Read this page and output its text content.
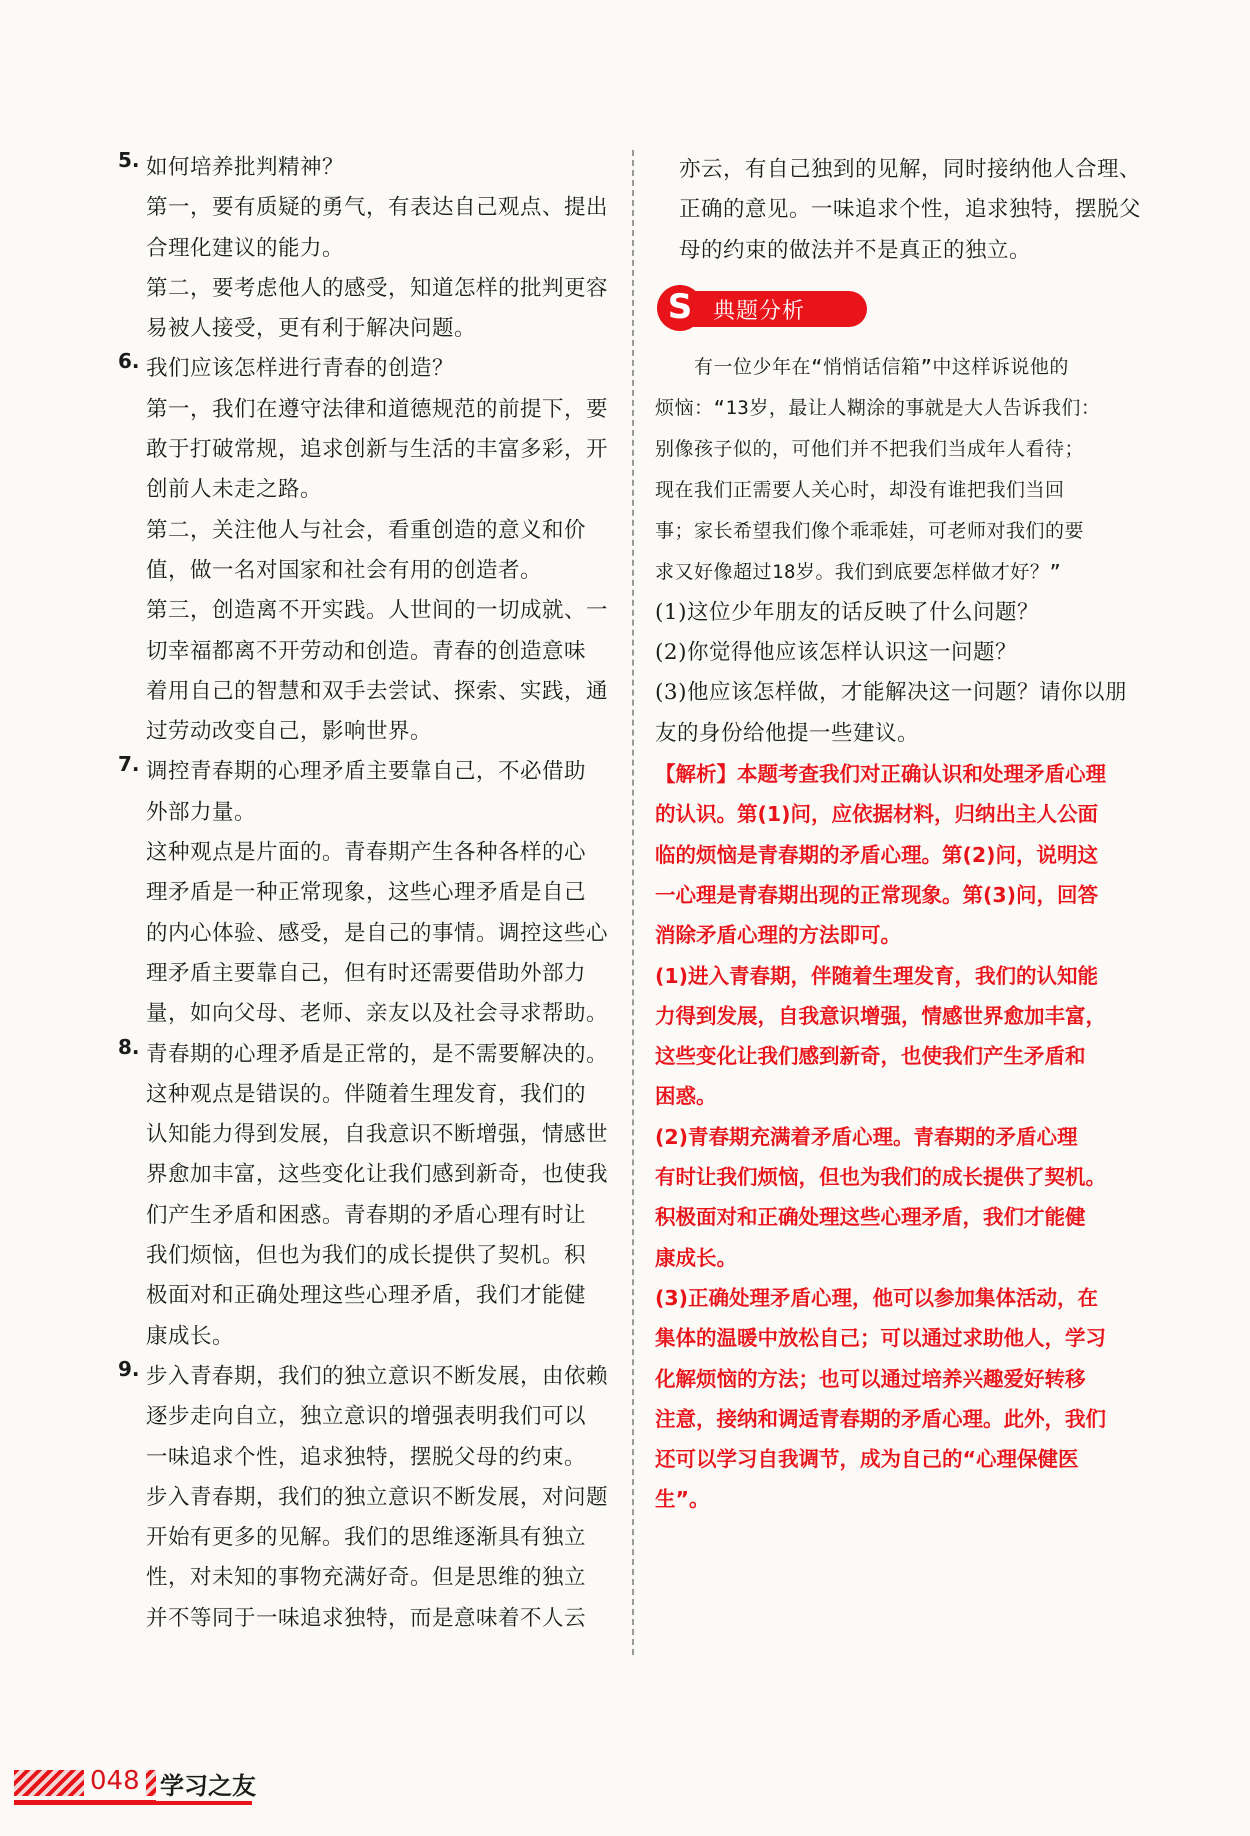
5. 如何培养批判精神？
第一，要有质疑的勇气，有表达自己观点、提出
合理化建议的能力。
第二，要考虑他人的感受，知道怎样的批判更容
易被人接受，更有利于解决问题。
6. 我们应该怎样进行青春的创造？
第一，我们在遵守法律和道德规范的前提下，要
敢于打破常规，追求创新与生活的丰富多彩，开
创前人未走之路。
第二，关注他人与社会，看重创造的意义和价
值，做一名对国家和社会有用的创造者。
第三，创造离不开实践。人世间的一切成就、一
切幸福都离不开劳动和创造。青春的创造意味
着用自己的智慧和双手去尝试、探索、实践，通
过劳动改变自己，影响世界。
7. 调控青春期的心理矛盾主要靠自己，不必借助
外部力量。
这种观点是片面的。青春期产生各种各样的心
理矛盾是一种正常现象，这些心理矛盾是自己
的内心体验、感受，是自己的事情。调控这些心
理矛盾主要靠自己，但有时还需要借助外部力
量，如向父母、老师、亲友以及社会寻求帮助。
8. 青春期的心理矛盾是正常的，是不需要解决的。
这种观点是错误的。伴随着生理发育，我们的
认知能力得到发展，自我意识不断增强，情感世
界愈加丰富，这些变化让我们感到新奇，也使我
们产生矛盾和困惑。青春期的矛盾心理有时让
我们烦恼，但也为我们的成长提供了契机。积
极面对和正确处理这些心理矛盾，我们才能健
康成长。
9. 步入青春期，我们的独立意识不断发展，由依赖
逐步走向自立，独立意识的增强表明我们可以
一味追求个性，追求独特，摆脱父母的约束。
步入青春期，我们的独立意识不断发展，对问题
开始有更多的见解。我们的思维逐渐具有独立
性，对未知的事物充满好奇。但是思维的独立
并不等同于一味追求独特，而是意味着不人云
亦云，有自己独到的见解，同时接纳他人合理、
正确的意见。一味追求个性，追求独特，摆脱父
母的约束的做法并不是真正的独立。
S 典题分析
　　有一位少年在“悄悄话信箱”中这样诉说他的
烦恼：“13岁，最让人糊涂的事就是大人告诉我们：
别像孩子似的，可他们并不把我们当成年人看待；
现在我们正需要人关心时，却没有谁把我们当回
事；家长希望我们像个乖乖娃，可老师对我们的要
求又好像超过18岁。我们到底要怎样做才好？”
(1)这位少年朋友的话反映了什么问题？
(2)你觉得他应该怎样认识这一问题？
(3)他应该怎样做，才能解决这一问题？请你以朋
友的身份给他提一些建议。
【解析】本题考查我们对正确认识和处理矛盾心理
的认识。第(1)问，应依据材料，归纳出主人公面
临的烦恼是青春期的矛盾心理。第(2)问，说明这
一心理是青春期出现的正常现象。第(3)问，回答
消除矛盾心理的方法即可。
(1)进入青春期，伴随着生理发育，我们的认知能
力得到发展，自我意识增强，情感世界愈加丰富，
这些变化让我们感到新奇，也使我们产生矛盾和
困惑。
(2)青春期充满着矛盾心理。青春期的矛盾心理
有时让我们烦恼，但也为我们的成长提供了契机。
积极面对和正确处理这些心理矛盾，我们才能健
康成长。
(3)正确处理矛盾心理，他可以参加集体活动，在
集体的温暖中放松自己；可以通过求助他人，学习
化解烦恼的方法；也可以通过培养兴趣爱好转移
注意，接纳和调适青春期的矛盾心理。此外，我们
还可以学习自我调节，成为自己的“心理保健医
生”。
048 学习之友
